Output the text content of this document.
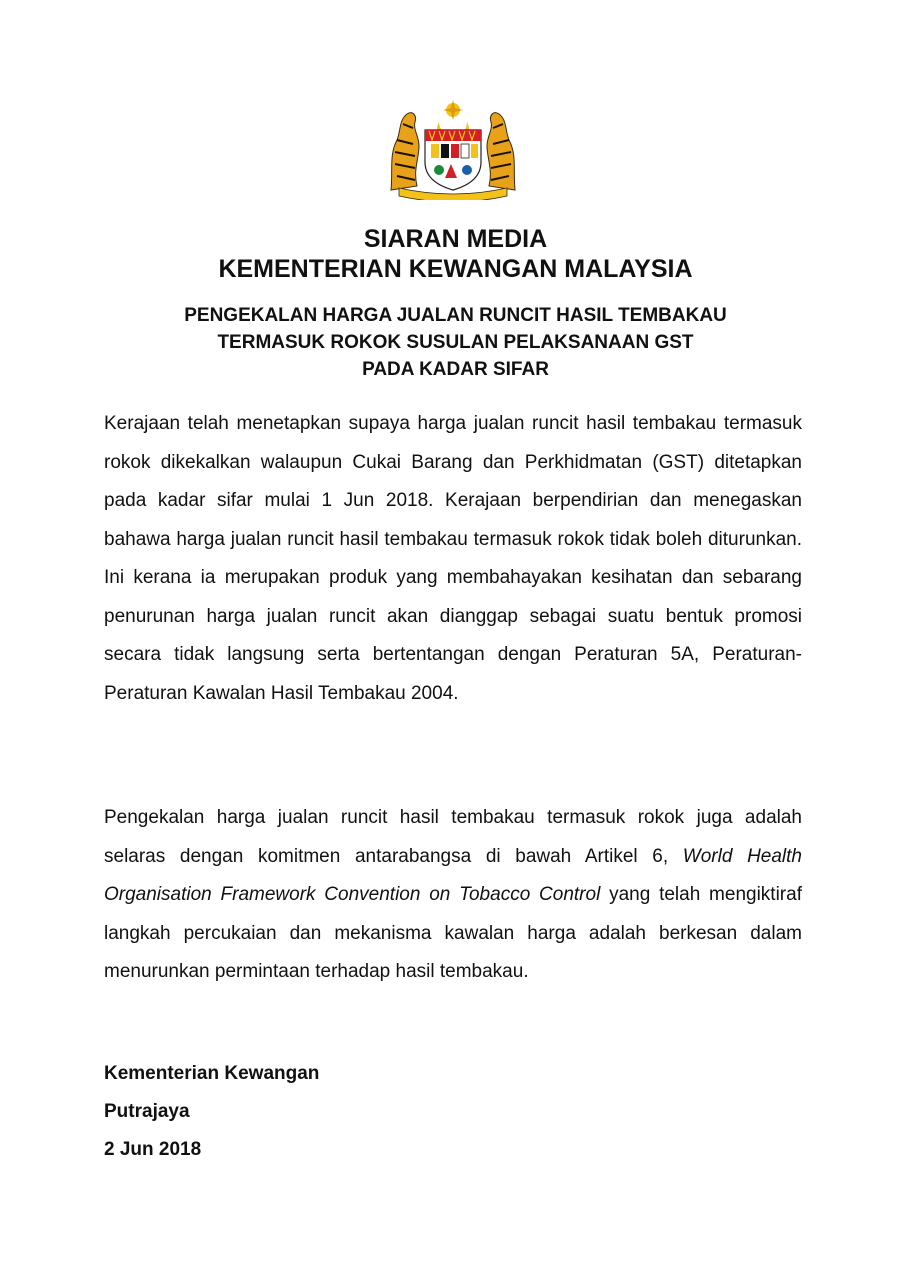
SIARAN MEDIA
KEMENTERIAN KEWANGAN MALAYSIA
PENGEKALAN HARGA JUALAN RUNCIT HASIL TEMBAKAU
TERMASUK ROKOK SUSULAN PELAKSANAAN GST
PADA KADAR SIFAR

Kerajaan telah menetapkan supaya harga jualan runcit hasil tembakau termasuk rokok dikekalkan walaupun Cukai Barang dan Perkhidmatan (GST) ditetapkan pada kadar sifar mulai 1 Jun 2018. Kerajaan berpendirian dan menegaskan bahawa harga jualan runcit hasil tembakau termasuk rokok tidak boleh diturunkan. Ini kerana ia merupakan produk yang membahayakan kesihatan dan sebarang penurunan harga jualan runcit akan dianggap sebagai suatu bentuk promosi secara tidak langsung serta bertentangan dengan Peraturan 5A, Peraturan-Peraturan Kawalan Hasil Tembakau 2004.

Pengekalan harga jualan runcit hasil tembakau termasuk rokok juga adalah selaras dengan komitmen antarabangsa di bawah Artikel 6, World Health Organisation Framework Convention on Tobacco Control yang telah mengiktiraf langkah percukaian dan mekanisma kawalan harga adalah berkesan dalam menurunkan permintaan terhadap hasil tembakau.

Kementerian Kewangan
Putrajaya
2 Jun 2018
